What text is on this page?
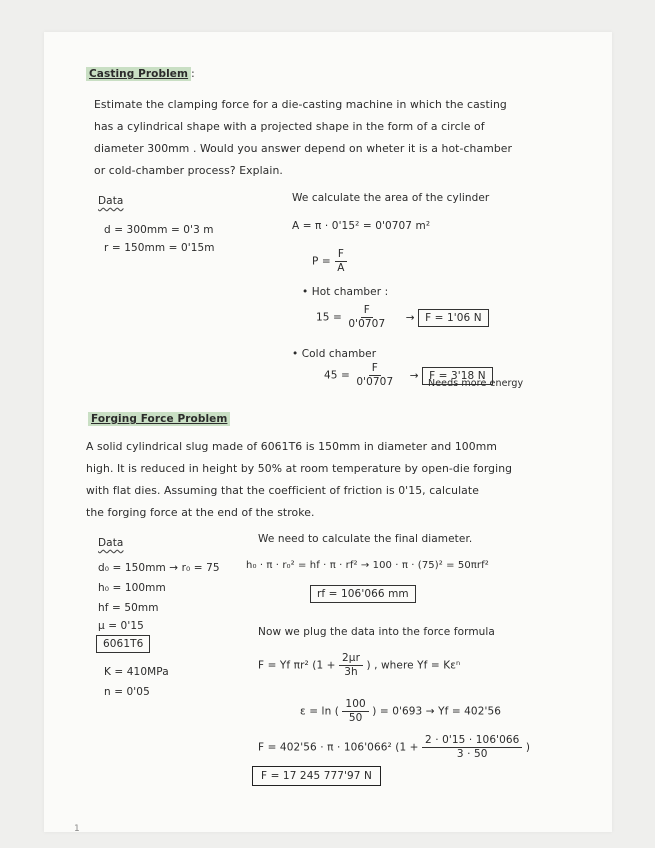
Casting Problem :
Estimate the clamping force for a die-casting machine in which the casting
has a cylindrical shape with a projected shape in the form of a circle of
diameter 300mm . Would you answer depend on wheter it is a hot-chamber
or cold-chamber process? Explain.
Data
d = 300mm = 0'3 m
r = 150mm = 0'15m
We calculate the area of the cylinder
A = π · 0'15² = 0'0707 m²
$P = \frac{F}{A}$
• Hot chamber :
$15 = \frac{F}{0'0707} \to F = 1'06$ N
• Cold chamber
$45 = \frac{F}{0'0707} \to F = 3'18$ N
Needs more energy
Forging Force Problem
A solid cylindrical slug made of 6061T6 is 150mm in diameter and 100mm
high. It is reduced in height by 50% at room temperature by open-die forging
with flat dies. Assuming that the coefficient of friction is 0'15, calculate
the forging force at the end of the stroke.
Data
d₀ = 150mm → r₀ = 75
h₀ = 100mm
hf = 50mm
μ = 0'15
6061T6
K = 410MPa
n = 0'05
We need to calculate the final diameter.
h₀ · π · r₀² = hf · π · rf² → 100 · π · (75)² = 50πrf²
rf = 106'066 mm
Now we plug the data into the force formula
F = Yf πr² ($1 + \frac{2\mu r}{3h}$ ) , where Yf = Kεⁿ
ε = ln ( $\frac{100}{50}$ ) = 0'693 → Yf = 402'56
F = 402'56 · π · 106'066² ($1 + \frac{2 \cdot 0'15 \cdot 106'066}{3 \cdot 50}$ )
F = 17 245 777'97 N
1
